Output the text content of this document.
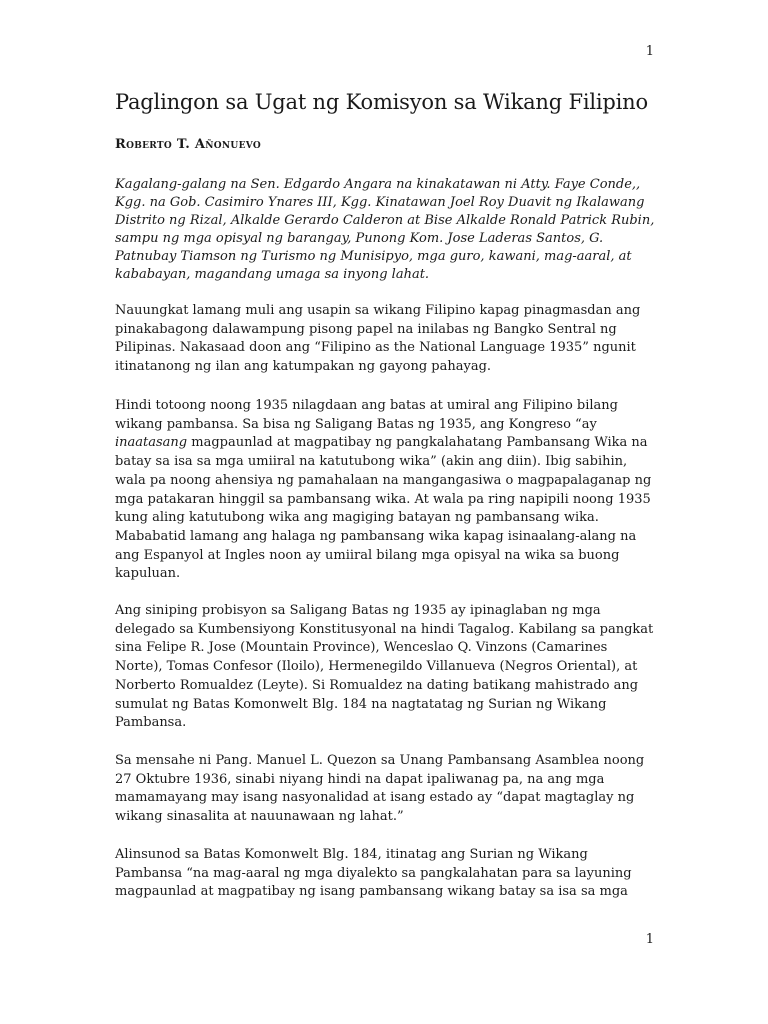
1
Paglingon sa Ugat ng Komisyon sa Wikang Filipino
Roberto T. Añonuevo

Kagalang-galang na Sen. Edgardo Angara na kinakatawan ni Atty. Faye Conde,, Kgg. na Gob. Casimiro Ynares III, Kgg. Kinatawan Joel Roy Duavit ng Ikalawang Distrito ng Rizal, Alkalde Gerardo Calderon at Bise Alkalde Ronald Patrick Rubin, sampu ng mga opisyal ng barangay, Punong Kom. Jose Laderas Santos, G. Patnubay Tiamson ng Turismo ng Munisipyo, mga guro, kawani, mag-aaral, at kababayan, magandang umaga sa inyong lahat.

Nauungkat lamang muli ang usapin sa wikang Filipino kapag pinagmasdan ang pinakabagong dalawampung pisong papel na inilabas ng Bangko Sentral ng Pilipinas. Nakasaad doon ang “Filipino as the National Language 1935” ngunit itinatanong ng ilan ang katumpakan ng gayong pahayag.

Hindi totoong noong 1935 nilagdaan ang batas at umiral ang Filipino bilang wikang pambansa. Sa bisa ng Saligang Batas ng 1935, ang Kongreso “ay inaatasang magpaunlad at magpatibay ng pangkalahatang Pambansang Wika na batay sa isa sa mga umiiral na katutubong wika” (akin ang diin). Ibig sabihin, wala pa noong ahensiya ng pamahalaan na mangangasiwa o magpapalaganap ng mga patakaran hinggil sa pambansang wika. At wala pa ring napipili noong 1935 kung aling katutubong wika ang magiging batayan ng pambansang wika. Mababatid lamang ang halaga ng pambansang wika kapag isinaalang-alang na ang Espanyol at Ingles noon ay umiiral bilang mga opisyal na wika sa buong kapuluan.

Ang siniping probisyon sa Saligang Batas ng 1935 ay ipinaglaban ng mga delegado sa Kumbensiyong Konstitusyonal na hindi Tagalog. Kabilang sa pangkat sina Felipe R. Jose (Mountain Province), Wenceslao Q. Vinzons (Camarines Norte), Tomas Confesor (Iloilo), Hermenegildo Villanueva (Negros Oriental), at Norberto Romualdez (Leyte). Si Romualdez na dating batikang mahistrado ang sumulat ng Batas Komonwelt Blg. 184 na nagtatatag ng Surian ng Wikang Pambansa.

Sa mensahe ni Pang. Manuel L. Quezon sa Unang Pambansang Asamblea noong 27 Oktubre 1936, sinabi niyang hindi na dapat ipaliwanag pa, na ang mga mamamayang may isang nasyonalidad at isang estado ay “dapat magtaglay ng wikang sinasalita at nauunawaan ng lahat.”

Alinsunod sa Batas Komonwelt Blg. 184, itinatag ang Surian ng Wikang Pambansa “na mag-aaral ng mga diyalekto sa pangkalahatan para sa layuning magpaunlad at magpatibay ng isang pambansang wikang batay sa isa sa mga

1
